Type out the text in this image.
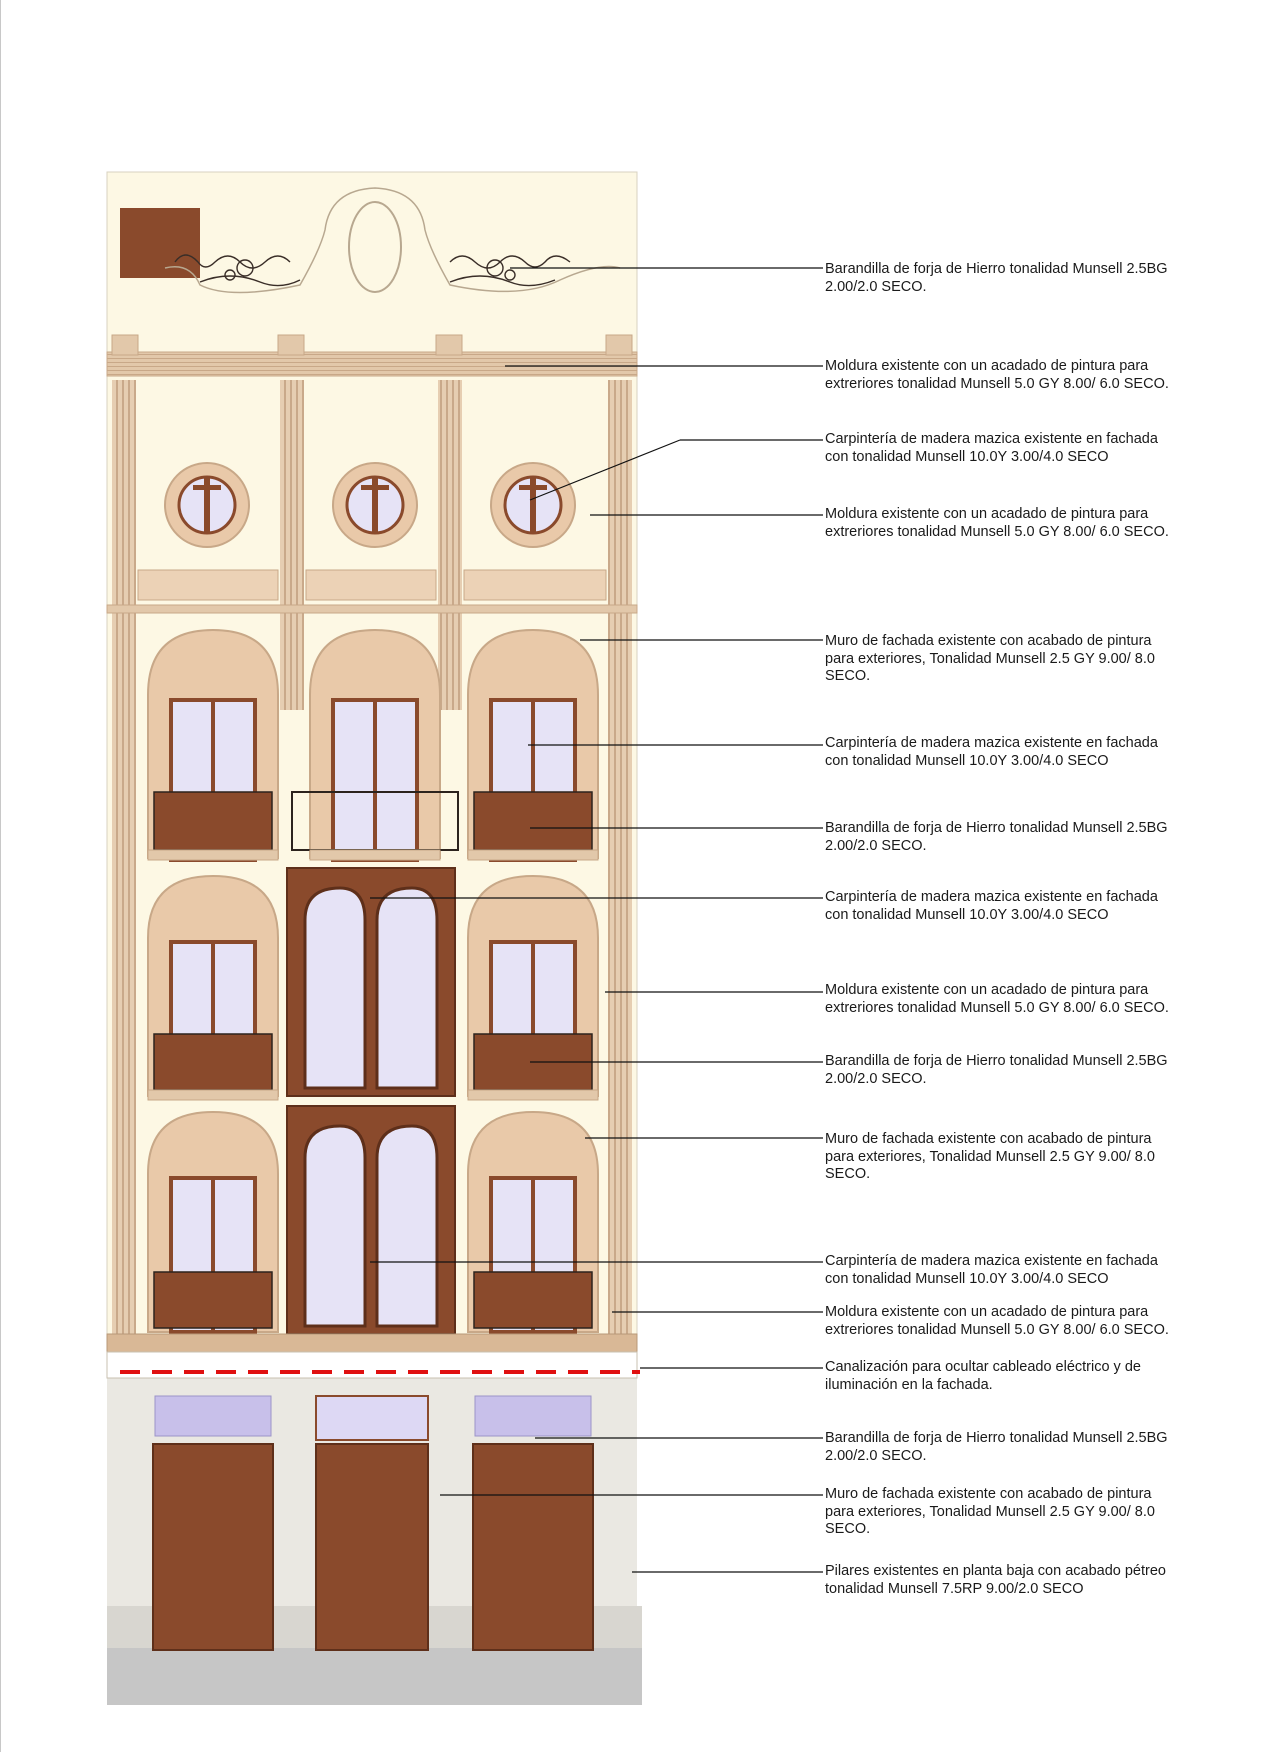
Barandilla de forja de Hierro tonalidad Munsell 2.5BG
2.00/2.0 SECO.
Moldura existente con un acadado de pintura para
extreriores tonalidad Munsell 5.0 GY 8.00/ 6.0 SECO.
Carpintería de madera mazica existente en fachada
con tonalidad Munsell 10.0Y 3.00/4.0 SECO
Moldura existente con un acadado de pintura para
extreriores tonalidad Munsell 5.0 GY 8.00/ 6.0 SECO.
Muro de fachada existente con acabado de pintura
para exteriores, Tonalidad Munsell 2.5 GY 9.00/ 8.0
SECO.
Carpintería de madera mazica existente en fachada
con tonalidad Munsell 10.0Y 3.00/4.0 SECO
Barandilla de forja de Hierro tonalidad Munsell 2.5BG
2.00/2.0 SECO.
Carpintería de madera mazica existente en fachada
con tonalidad Munsell 10.0Y 3.00/4.0 SECO
Moldura existente con un acadado de pintura para
extreriores tonalidad Munsell 5.0 GY 8.00/ 6.0 SECO.
Barandilla de forja de Hierro tonalidad Munsell 2.5BG
2.00/2.0 SECO.
Muro de fachada existente con acabado de pintura
para exteriores, Tonalidad Munsell 2.5 GY 9.00/ 8.0
SECO.
Carpintería de madera mazica existente en fachada
con tonalidad Munsell 10.0Y 3.00/4.0 SECO
Moldura existente con un acadado de pintura para
extreriores tonalidad Munsell 5.0 GY 8.00/ 6.0 SECO.
Canalización para ocultar cableado eléctrico y de
iluminación en la fachada.
Barandilla de forja de Hierro tonalidad Munsell 2.5BG
2.00/2.0 SECO.
Muro de fachada existente con acabado de pintura
para exteriores, Tonalidad Munsell 2.5 GY 9.00/ 8.0
SECO.
Pilares existentes en planta baja con acabado pétreo
tonalidad Munsell 7.5RP 9.00/2.0 SECO
